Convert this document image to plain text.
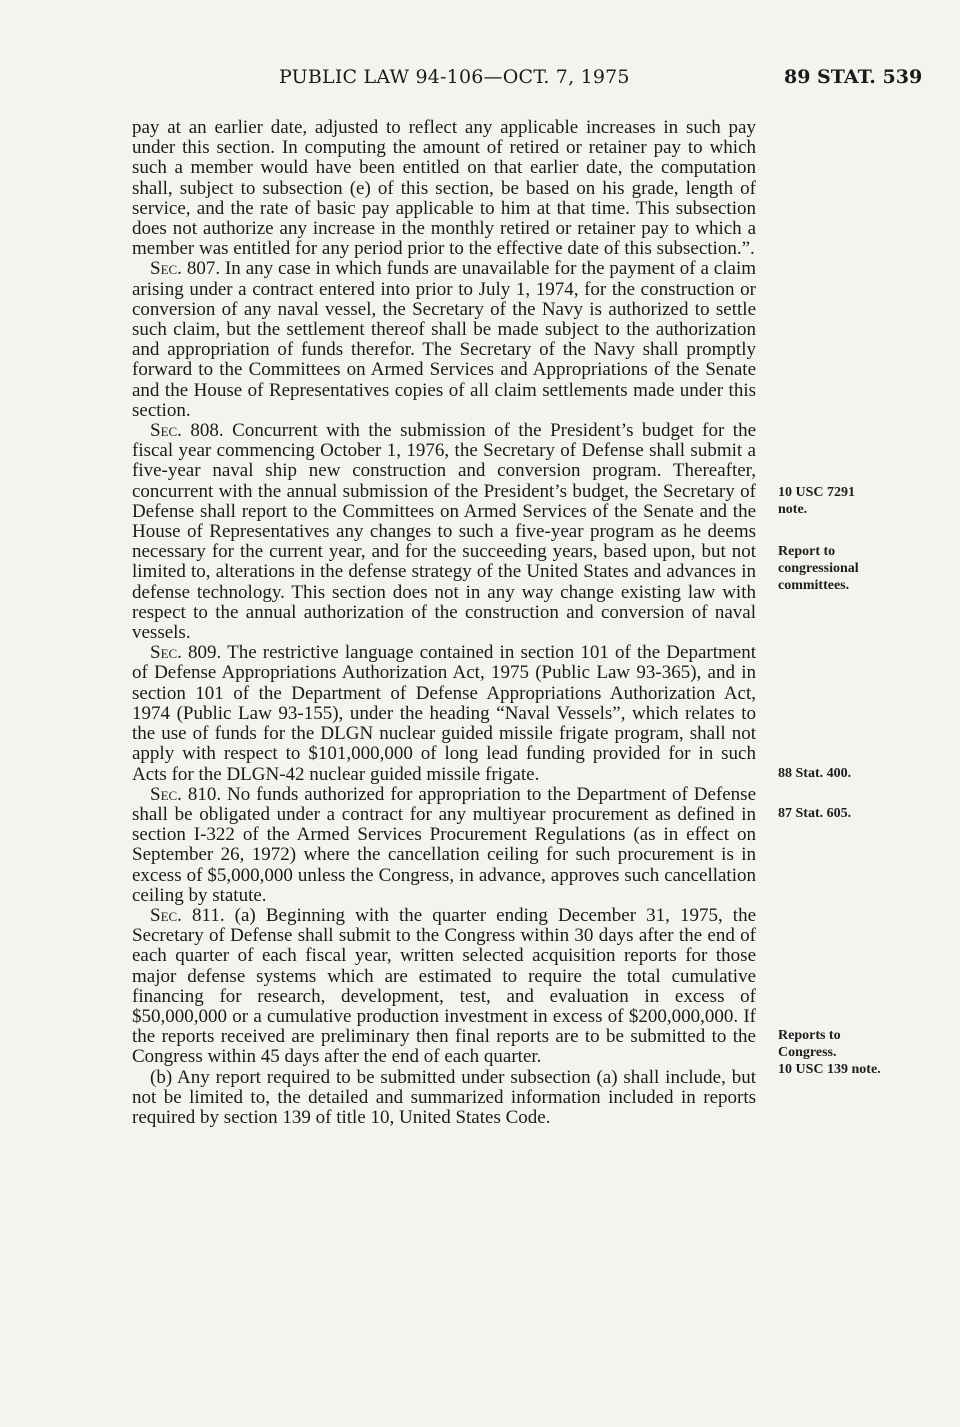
PUBLIC LAW 94-106—OCT. 7, 1975	89 STAT. 539

pay at an earlier date, adjusted to reflect any applicable increases in such pay under this section. In computing the amount of retired or retainer pay to which such a member would have been entitled on that earlier date, the computation shall, subject to subsection (e) of this section, be based on his grade, length of service, and the rate of basic pay applicable to him at that time. This subsection does not authorize any increase in the monthly retired or retainer pay to which a member was entitled for any period prior to the effective date of this subsection.”.

Sec. 807. In any case in which funds are unavailable for the payment of a claim arising under a contract entered into prior to July 1, 1974, for the construction or conversion of any naval vessel, the Secretary of the Navy is authorized to settle such claim, but the settlement thereof shall be made subject to the authorization and appropriation of funds therefor. The Secretary of the Navy shall promptly forward to the Committees on Armed Services and Appropriations of the Senate and the House of Representatives copies of all claim settlements made under this section.

Sec. 808. Concurrent with the submission of the President’s budget for the fiscal year commencing October 1, 1976, the Secretary of Defense shall submit a five-year naval ship new construction and conversion program. Thereafter, concurrent with the annual submission of the President’s budget, the Secretary of Defense shall report to the Committees on Armed Services of the Senate and the House of Representatives any changes to such a five-year program as he deems necessary for the current year, and for the succeeding years, based upon, but not limited to, alterations in the defense strategy of the United States and advances in defense technology. This section does not in any way change existing law with respect to the annual authorization of the construction and conversion of naval vessels.

Sec. 809. The restrictive language contained in section 101 of the Department of Defense Appropriations Authorization Act, 1975 (Public Law 93-365), and in section 101 of the Department of Defense Appropriations Authorization Act, 1974 (Public Law 93-155), under the heading “Naval Vessels”, which relates to the use of funds for the DLGN nuclear guided missile frigate program, shall not apply with respect to $101,000,000 of long lead funding provided for in such Acts for the DLGN-42 nuclear guided missile frigate.

Sec. 810. No funds authorized for appropriation to the Department of Defense shall be obligated under a contract for any multiyear procurement as defined in section I-322 of the Armed Services Procurement Regulations (as in effect on September 26, 1972) where the cancellation ceiling for such procurement is in excess of $5,000,000 unless the Congress, in advance, approves such cancellation ceiling by statute.

Sec. 811. (a) Beginning with the quarter ending December 31, 1975, the Secretary of Defense shall submit to the Congress within 30 days after the end of each quarter of each fiscal year, written selected acquisition reports for those major defense systems which are estimated to require the total cumulative financing for research, development, test, and evaluation in excess of $50,000,000 or a cumulative production investment in excess of $200,000,000. If the reports received are preliminary then final reports are to be submitted to the Congress within 45 days after the end of each quarter.

(b) Any report required to be submitted under subsection (a) shall include, but not be limited to, the detailed and summarized information included in reports required by section 139 of title 10, United States Code.

10 USC 7291
note.
Report to
congressional
committees.
88 Stat. 400.
87 Stat. 605.
Reports to
Congress.
10 USC 139 note.
